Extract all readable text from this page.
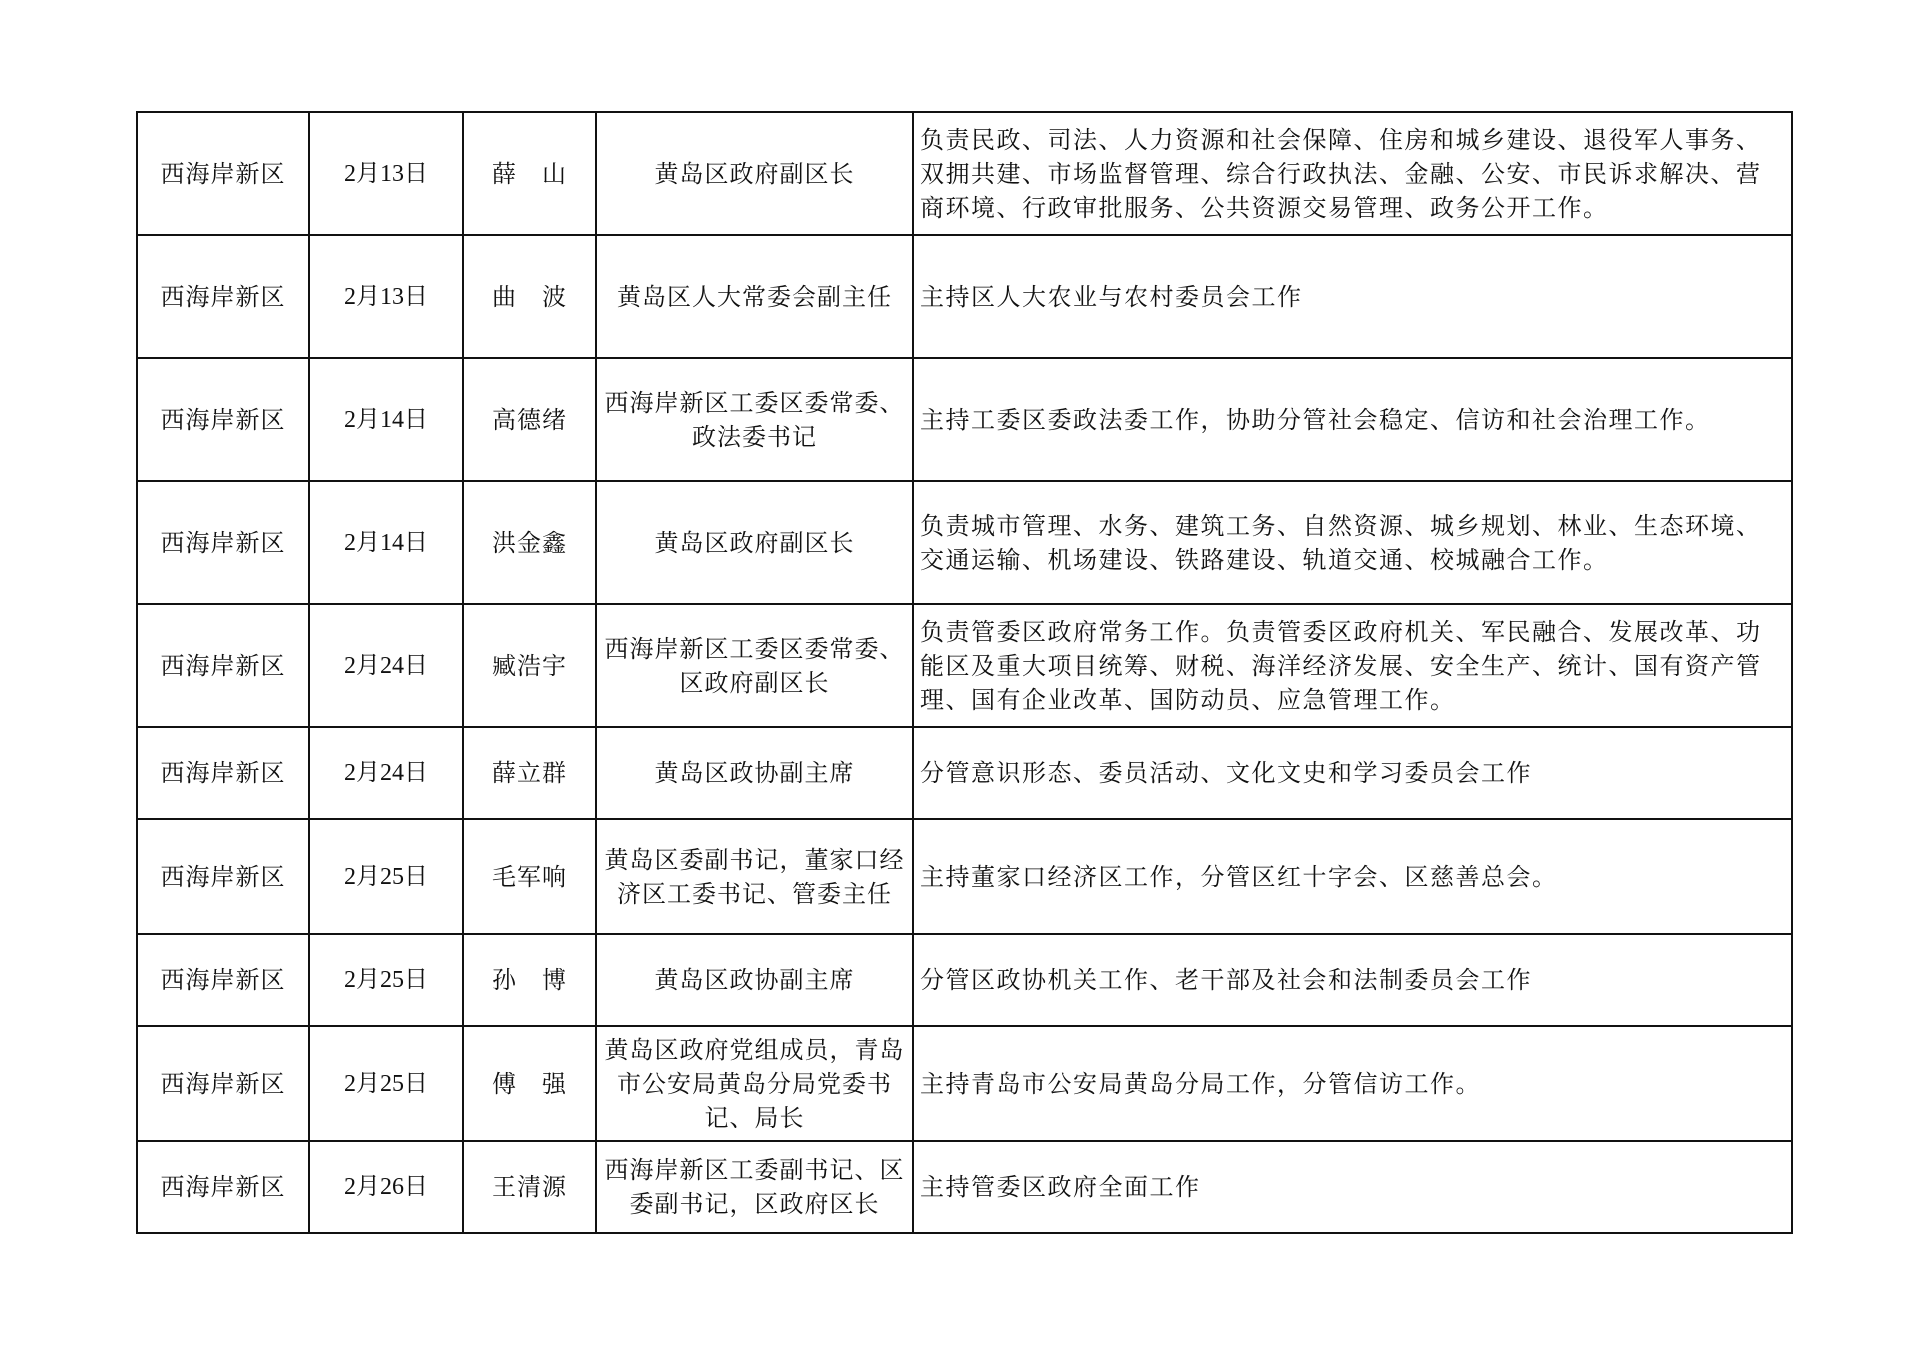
西海岸新区	2月13日	薛　山	黄岛区政府副区长	负责民政、司法、人力资源和社会保障、住房和城乡建设、退役军人事务、双拥共建、市场监督管理、综合行政执法、金融、公安、市民诉求解决、营商环境、行政审批服务、公共资源交易管理、政务公开工作。
西海岸新区	2月13日	曲　波	黄岛区人大常委会副主任	主持区人大农业与农村委员会工作
西海岸新区	2月14日	高德绪	西海岸新区工委区委常委、政法委书记	主持工委区委政法委工作，协助分管社会稳定、信访和社会治理工作。
西海岸新区	2月14日	洪金鑫	黄岛区政府副区长	负责城市管理、水务、建筑工务、自然资源、城乡规划、林业、生态环境、交通运输、机场建设、铁路建设、轨道交通、校城融合工作。
西海岸新区	2月24日	臧浩宇	西海岸新区工委区委常委、区政府副区长	负责管委区政府常务工作。负责管委区政府机关、军民融合、发展改革、功能区及重大项目统筹、财税、海洋经济发展、安全生产、统计、国有资产管理、国有企业改革、国防动员、应急管理工作。
西海岸新区	2月24日	薛立群	黄岛区政协副主席	分管意识形态、委员活动、文化文史和学习委员会工作
西海岸新区	2月25日	毛军响	黄岛区委副书记，董家口经济区工委书记、管委主任	主持董家口经济区工作，分管区红十字会、区慈善总会。
西海岸新区	2月25日	孙　博	黄岛区政协副主席	分管区政协机关工作、老干部及社会和法制委员会工作
西海岸新区	2月25日	傅　强	黄岛区政府党组成员，青岛市公安局黄岛分局党委书记、局长	主持青岛市公安局黄岛分局工作，分管信访工作。
西海岸新区	2月26日	王清源	西海岸新区工委副书记、区委副书记，区政府区长	主持管委区政府全面工作
